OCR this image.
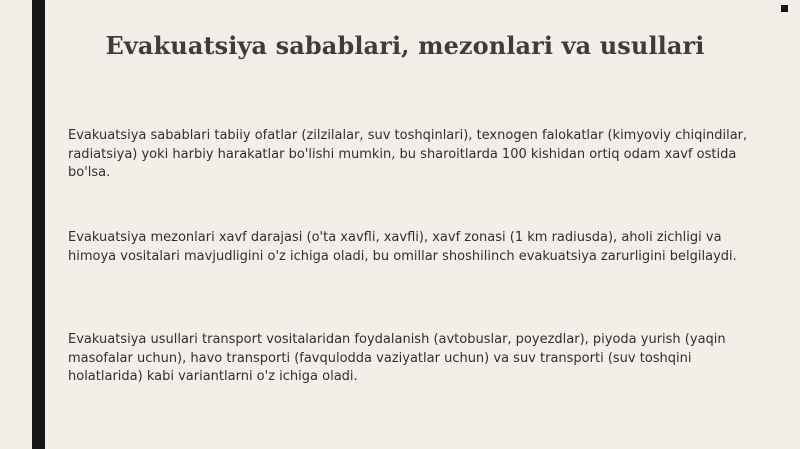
Evakuatsiya sabablari, mezonlari va usullari

Evakuatsiya sabablari tabiiy ofatlar (zilzilalar, suv toshqinlari), texnogen falokatlar (kimyoviy chiqindilar, radiatsiya) yoki harbiy harakatlar bo'lishi mumkin, bu sharoitlarda 100 kishidan ortiq odam xavf ostida bo'lsa.

Evakuatsiya mezonlari xavf darajasi (o'ta xavfli, xavfli), xavf zonasi (1 km radiusda), aholi zichligi va himoya vositalari mavjudligini o'z ichiga oladi, bu omillar shoshilinch evakuatsiya zarurligini belgilaydi.

Evakuatsiya usullari transport vositalaridan foydalanish (avtobuslar, poyezdlar), piyoda yurish (yaqin masofalar uchun), havo transporti (favqulodda vaziyatlar uchun) va suv transporti (suv toshqini holatlarida) kabi variantlarni o'z ichiga oladi.
